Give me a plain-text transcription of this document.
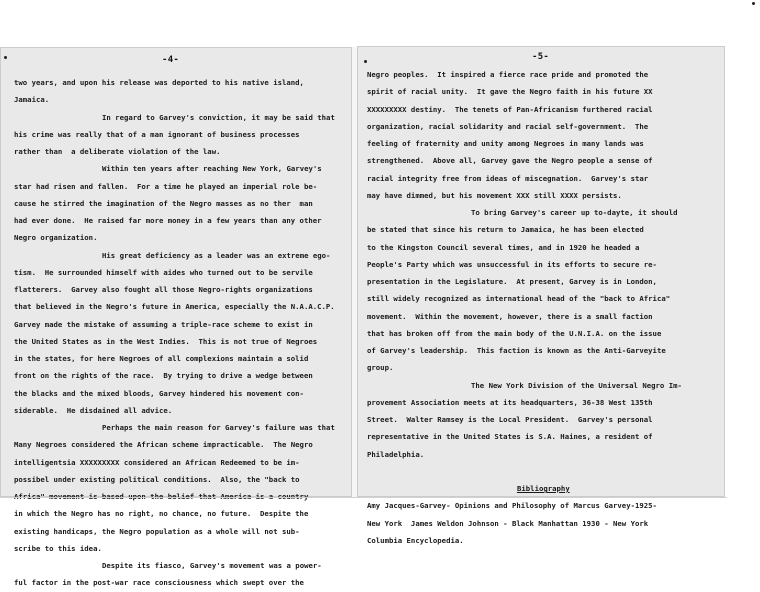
-4-
two years, and upon his release was deported to his native island,
Jamaica.
In regard to Garvey's conviction, it may be said that
his crime was really that of a man ignorant of business processes
rather than  a deliberate violation of the law.
Within ten years after reaching New York, Garvey's
star had risen and fallen.  For a time he played an imperial role be-
cause he stirred the imagination of the Negro masses as no ther  man
had ever done.  He raised far more money in a few years than any other
Negro organization.
His great deficiency as a leader was an extreme ego-
tism.  He surrounded himself with aides who turned out to be servile
flatterers.  Garvey also fought all those Negro-rights organizations
that believed in the Negro's future in America, especially the N.A.A.C.P.
Garvey made the mistake of assuming a triple-race scheme to exist in
the United States as in the West Indies.  This is not true of Negroes
in the states, for here Negroes of all complexions maintain a solid
front on the rights of the race.  By trying to drive a wedge between
the blacks and the mixed bloods, Garvey hindered his movement con-
siderable.  He disdained all advice.
Perhaps the main reason for Garvey's failure was that
Many Negroes considered the African scheme impracticable.  The Negro
intelligentsia XXXXXXXXX considered an African Redeemed to be im-
possibel under existing political conditions.  Also, the "back to
in which the Negro has no right, no chance, no future.  Despite the
existing handicaps, the Negro population as a whole will not sub-
scribe to this idea.
Despite its fiasco, Garvey's movement was a power-
ful factor in the post-war race consciousness which swept over the
-5-
Negro peoples.  It inspired a fierce race pride and promoted the
spirit of racial unity.  It gave the Negro faith in his future XX
XXXXXXXXX destiny.  The tenets of Pan-Africanism furthered racial
organization, racial solidarity and racial self-government.  The
feeling of fraternity and unity among Negroes in many lands was
strengthened.  Above all, Garvey gave the Negro people a sense of
racial integrity free from ideas of miscegnation.  Garvey's star
may have dimmed, but his movement XXX still XXXX persists.
To bring Garvey's career up to-dayte, it should
be stated that since his return to Jamaica, he has been elected
to the Kingston Council several times, and in 1920 he headed a
People's Party which was unsuccessful in its efforts to secure re-
presentation in the Legislature.  At present, Garvey is in London,
still widely recognized as international head of the "back to Africa"
movement.  Within the movement, however, there is a small faction
that has broken off from the main body of the U.N.I.A. on the issue
of Garvey's leadership.  This faction is known as the Anti-Garveyite
group.
The New York Division of the Universal Negro Im-
provement Association meets at its headquarters, 36-38 West 135th
Street.  Walter Ramsey is the Local President.  Garvey's personal
representative in the United States is S.A. Haines, a resident of
Philadelphia.
Bibliography
Amy Jacques-Garvey- Opinions and Philosophy of Marcus Garvey-1925-
New York  James Weldon Johnson - Black Manhattan 1930 - New York
Columbia Encyclopedia.
